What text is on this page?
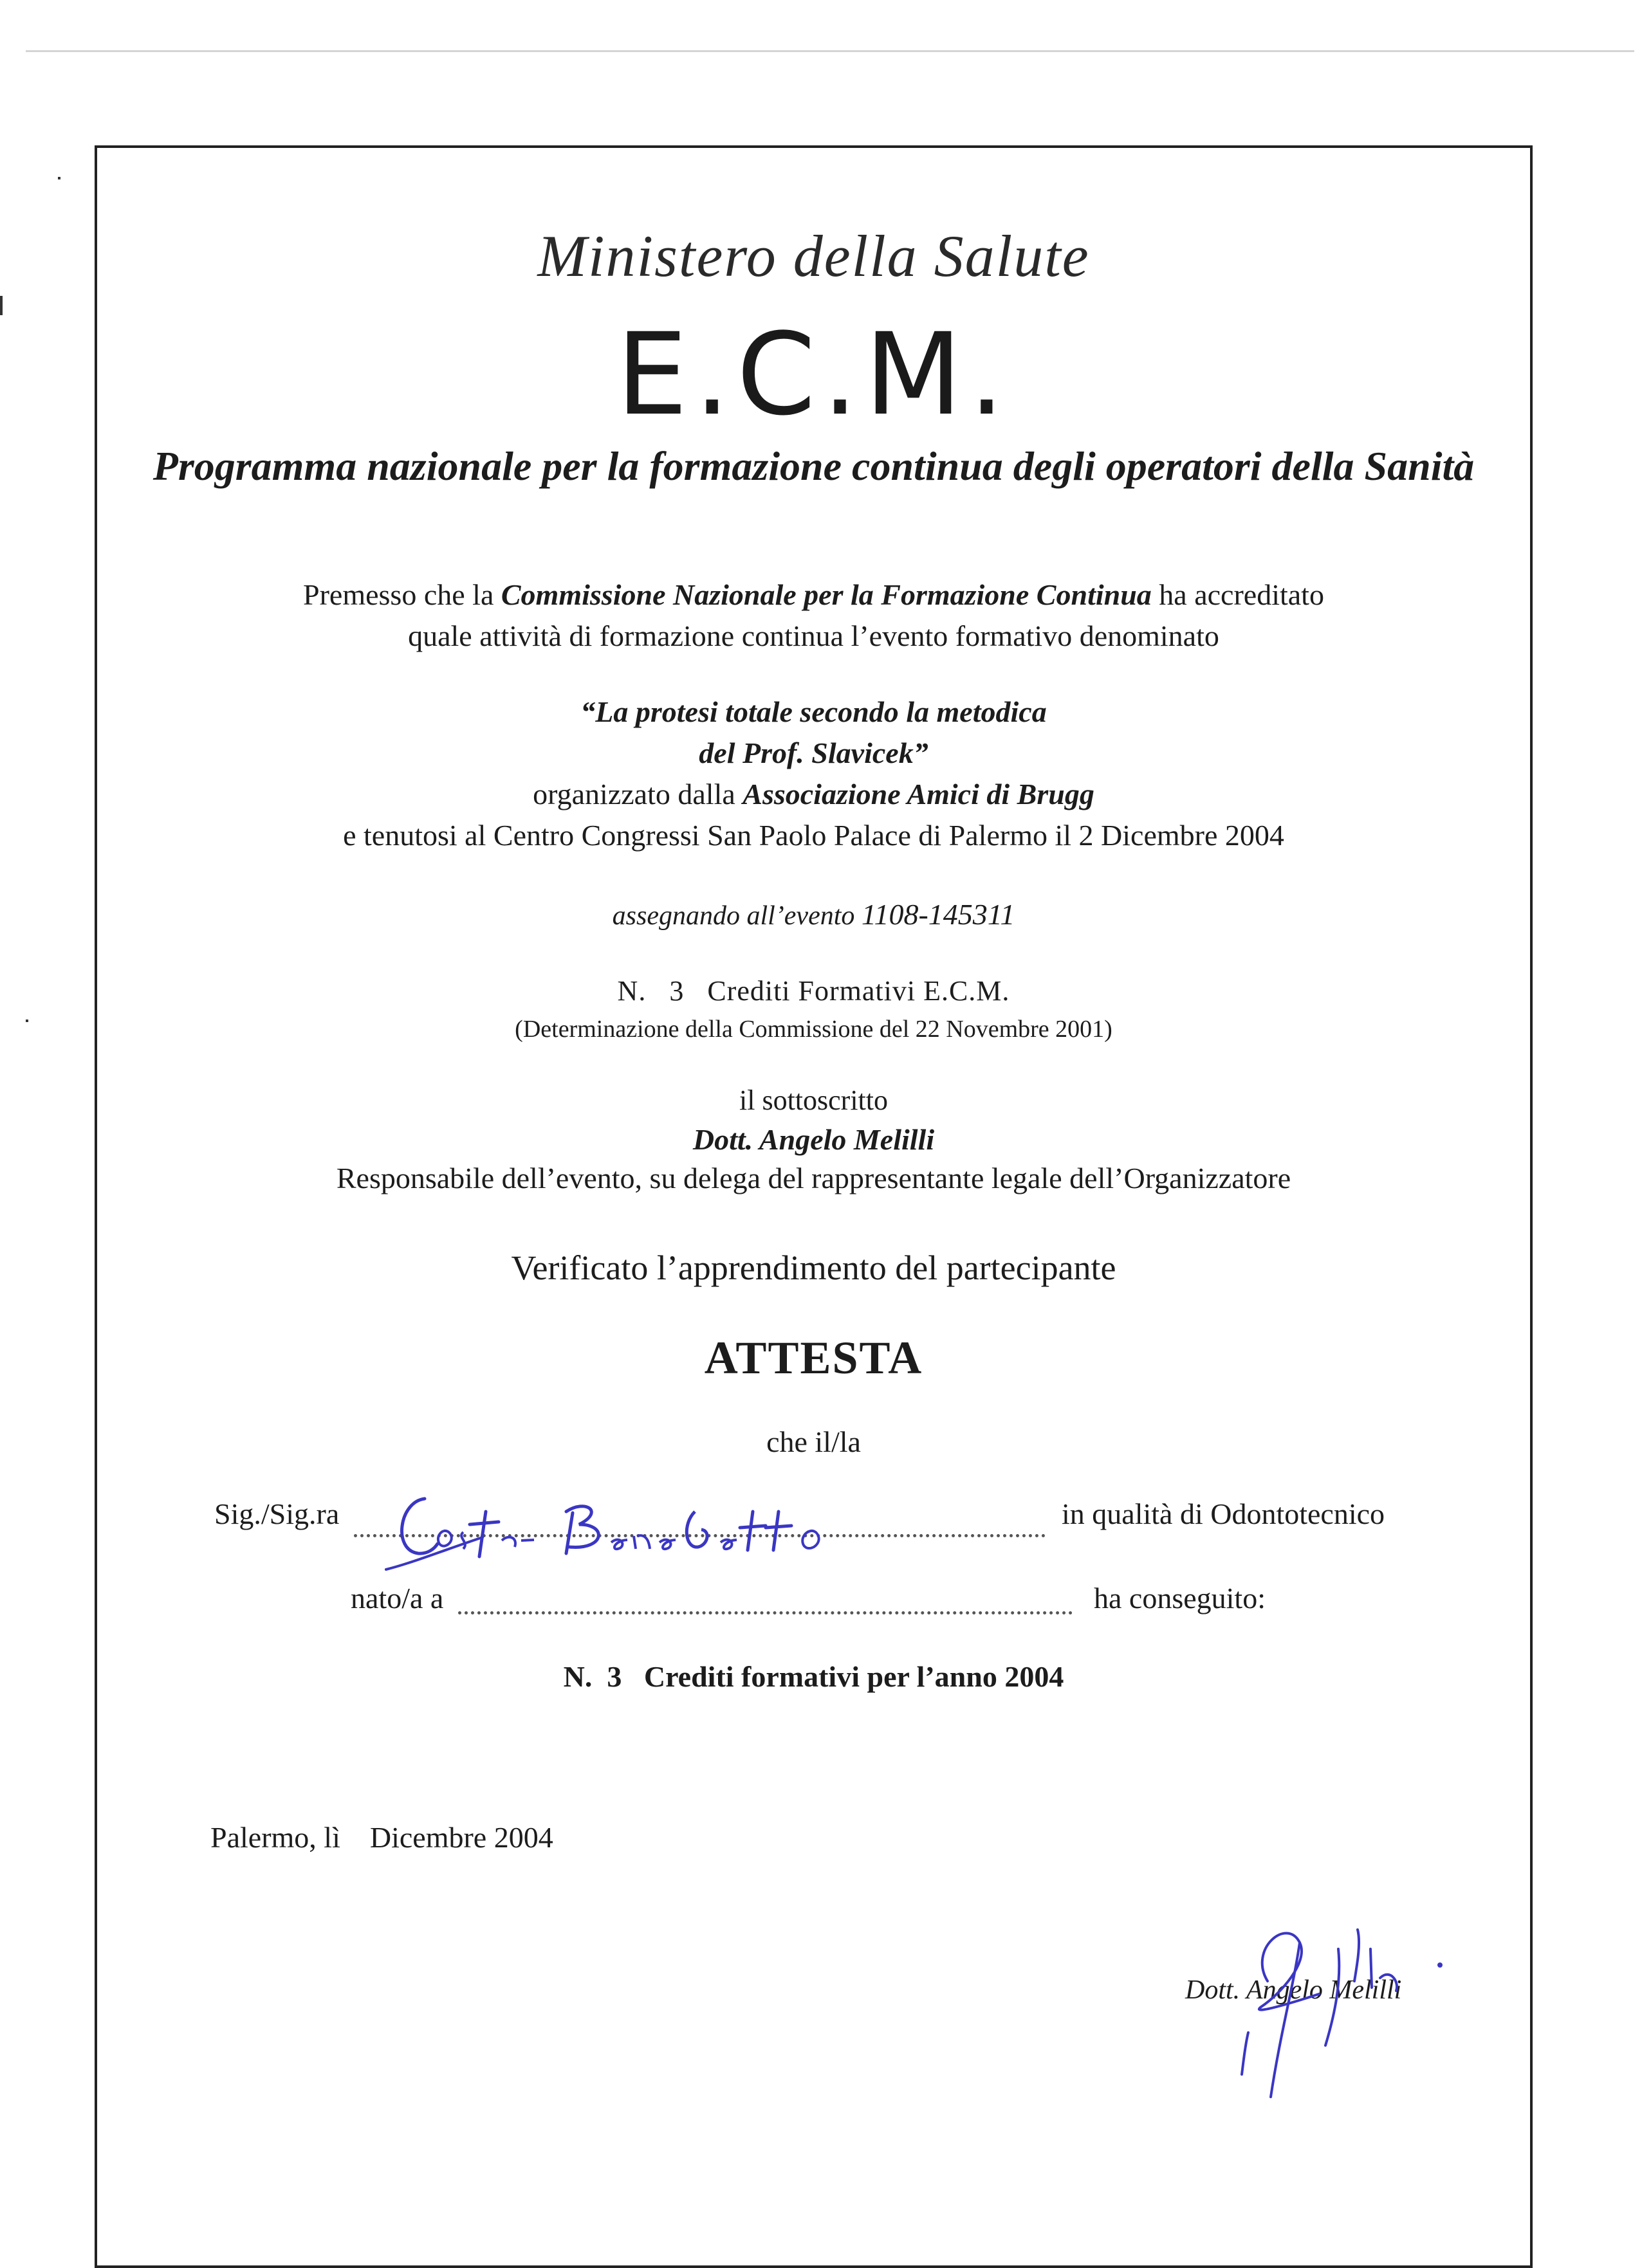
Ministero della Salute
E.C.M.
Programma nazionale per la formazione continua degli operatori della Sanità
Premesso che la Commissione Nazionale per la Formazione Continua ha accreditato
quale attività di formazione continua l’evento formativo denominato
“La protesi totale secondo la metodica
del Prof. Slavicek”
organizzato dalla Associazione Amici di Brugg
e tenutosi al Centro Congressi San Paolo Palace di Palermo il 2 Dicembre 2004
assegnando all’evento 1108-145311
N.   3   Crediti Formativi E.C.M.
(Determinazione della Commissione del 22 Novembre 2001)
il sottoscritto
Dott. Angelo Melilli
Responsabile dell’evento, su delega del rappresentante legale dell’Organizzatore
Verificato l’apprendimento del partecipante
ATTESTA
che il/la
Sig./Sig.ra	in qualità di Odontotecnico
nato/a a	ha conseguito:
N.  3   Crediti formativi per l’anno 2004
Palermo, lì    Dicembre 2004
Dott. Angelo Melilli
